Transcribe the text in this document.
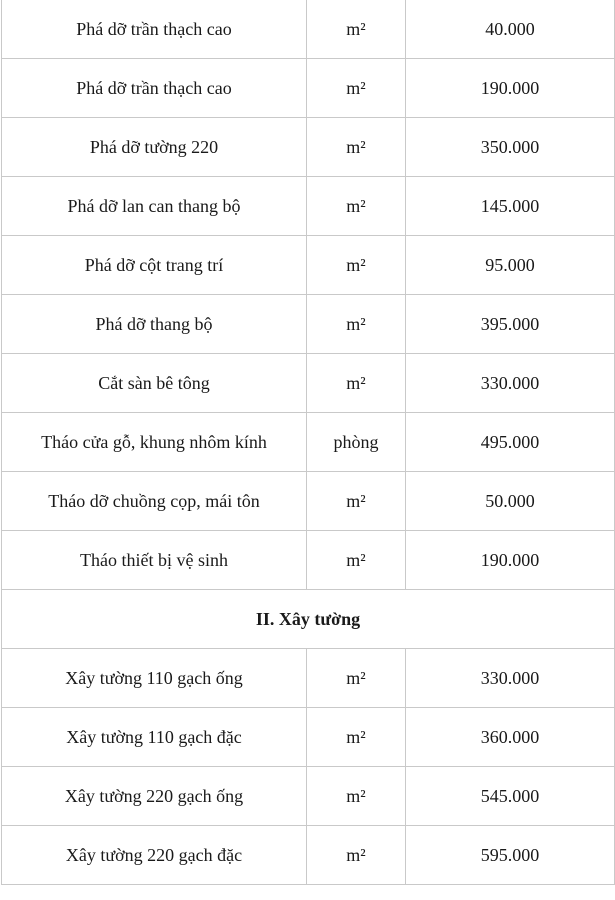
Phá dỡ trần thạch cao	m²	40.000
Phá dỡ trần thạch cao	m²	190.000
Phá dỡ tường 220	m²	350.000
Phá dỡ lan can thang bộ	m²	145.000
Phá dỡ cột trang trí	m²	95.000
Phá dỡ thang bộ	m²	395.000
Cắt sàn bê tông	m²	330.000
Tháo cửa gỗ, khung nhôm kính	phòng	495.000
Tháo dỡ chuồng cọp, mái tôn	m²	50.000
Tháo thiết bị vệ sinh	m²	190.000
II. Xây tường		
Xây tường 110 gạch ống	m²	330.000
Xây tường 110 gạch đặc	m²	360.000
Xây tường 220 gạch ống	m²	545.000
Xây tường 220 gạch đặc	m²	595.000
